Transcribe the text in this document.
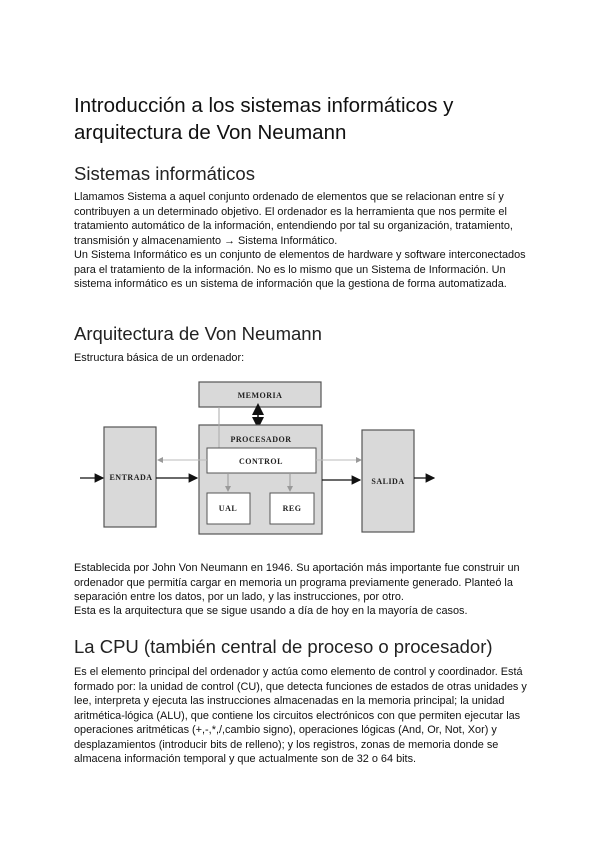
MEMORIA
PROCESADOR
CONTROL
UAL	REG
ENTRADA	SALIDA
Introducción a los sistemas informáticos y arquitectura de Von Neumann
Sistemas informáticos

Llamamos Sistema a aquel conjunto ordenado de elementos que se relacionan entre sí y contribuyen a un determinado objetivo. El ordenador es la herramienta que nos permite el tratamiento automático de la información, entendiendo por tal su organización, tratamiento, transmisión y almacenamiento → Sistema Informático.

Un Sistema Informático es un conjunto de elementos de hardware y software interconectados para el tratamiento de la información. No es lo mismo que un Sistema de Información. Un sistema informático es un sistema de información que la gestiona de forma automatizada.

Arquitectura de Von Neumann

Estructura básica de un ordenador:

Establecida por John Von Neumann en 1946. Su aportación más importante fue construir un ordenador que permitía cargar en memoria un programa previamente generado. Planteó la separación entre los datos, por un lado, y las instrucciones, por otro.

Esta es la arquitectura que se sigue usando a día de hoy en la mayoría de casos.

La CPU (también central de proceso o procesador)

Es el elemento principal del ordenador y actúa como elemento de control y coordinador. Está formado por: la unidad de control (CU), que detecta funciones de estados de otras unidades y lee, interpreta y ejecuta las instrucciones almacenadas en la memoria principal; la unidad aritmética-lógica (ALU), que contiene los circuitos electrónicos con que permiten ejecutar las operaciones aritméticas (+,-,*,/,cambio signo), operaciones lógicas (And, Or, Not, Xor) y desplazamientos (introducir bits de relleno); y los registros, zonas de memoria donde se almacena información temporal y que actualmente son de 32 o 64 bits.
